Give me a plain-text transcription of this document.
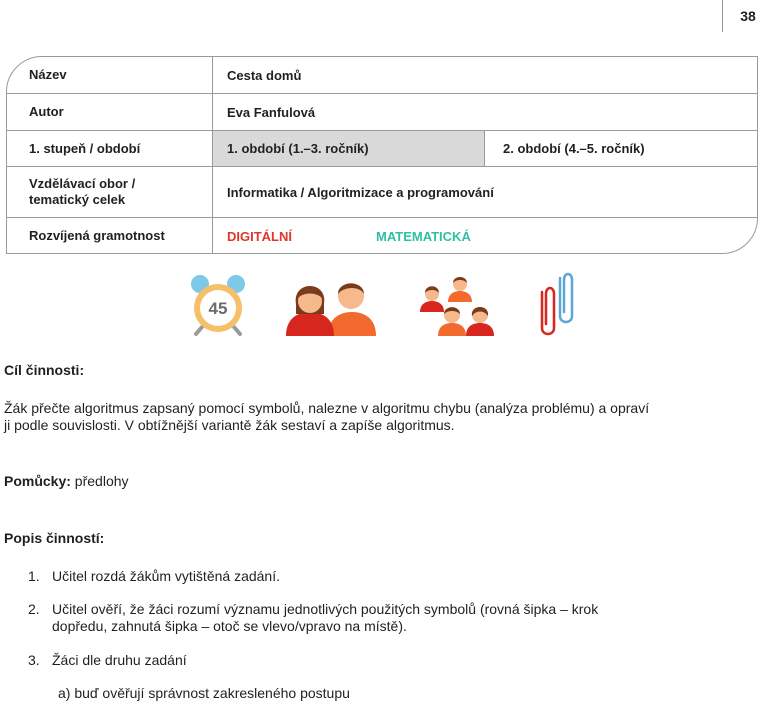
38
Název	Cesta domů
Autor	Eva Fanfulová
1. stupeň / období	1. období (1.–3. ročník)	2. období (4.–5. ročník)
Vzdělávací obor /
tematický celek	Informatika / Algoritmizace a programování
Rozvíjená gramotnost	DIGITÁLNÍ	MATEMATICKÁ
45
Cíl činnosti:
Žák přečte algoritmus zapsaný pomocí symbolů, nalezne v algoritmu chybu (analýza problému) a opraví
ji podle souvislosti. V obtížnější variantě žák sestaví a zapíše algoritmus.
Pomůcky: předlohy
Popis činností:
1. Učitel rozdá žákům vytištěná zadání.
2. Učitel ověří, že žáci rozumí významu jednotlivých použitých symbolů (rovná šipka – krok
dopředu, zahnutá šipka – otoč se vlevo/vpravo na místě).
3. Žáci dle druhu zadání
a) buď ověřují správnost zakresleného postupu
